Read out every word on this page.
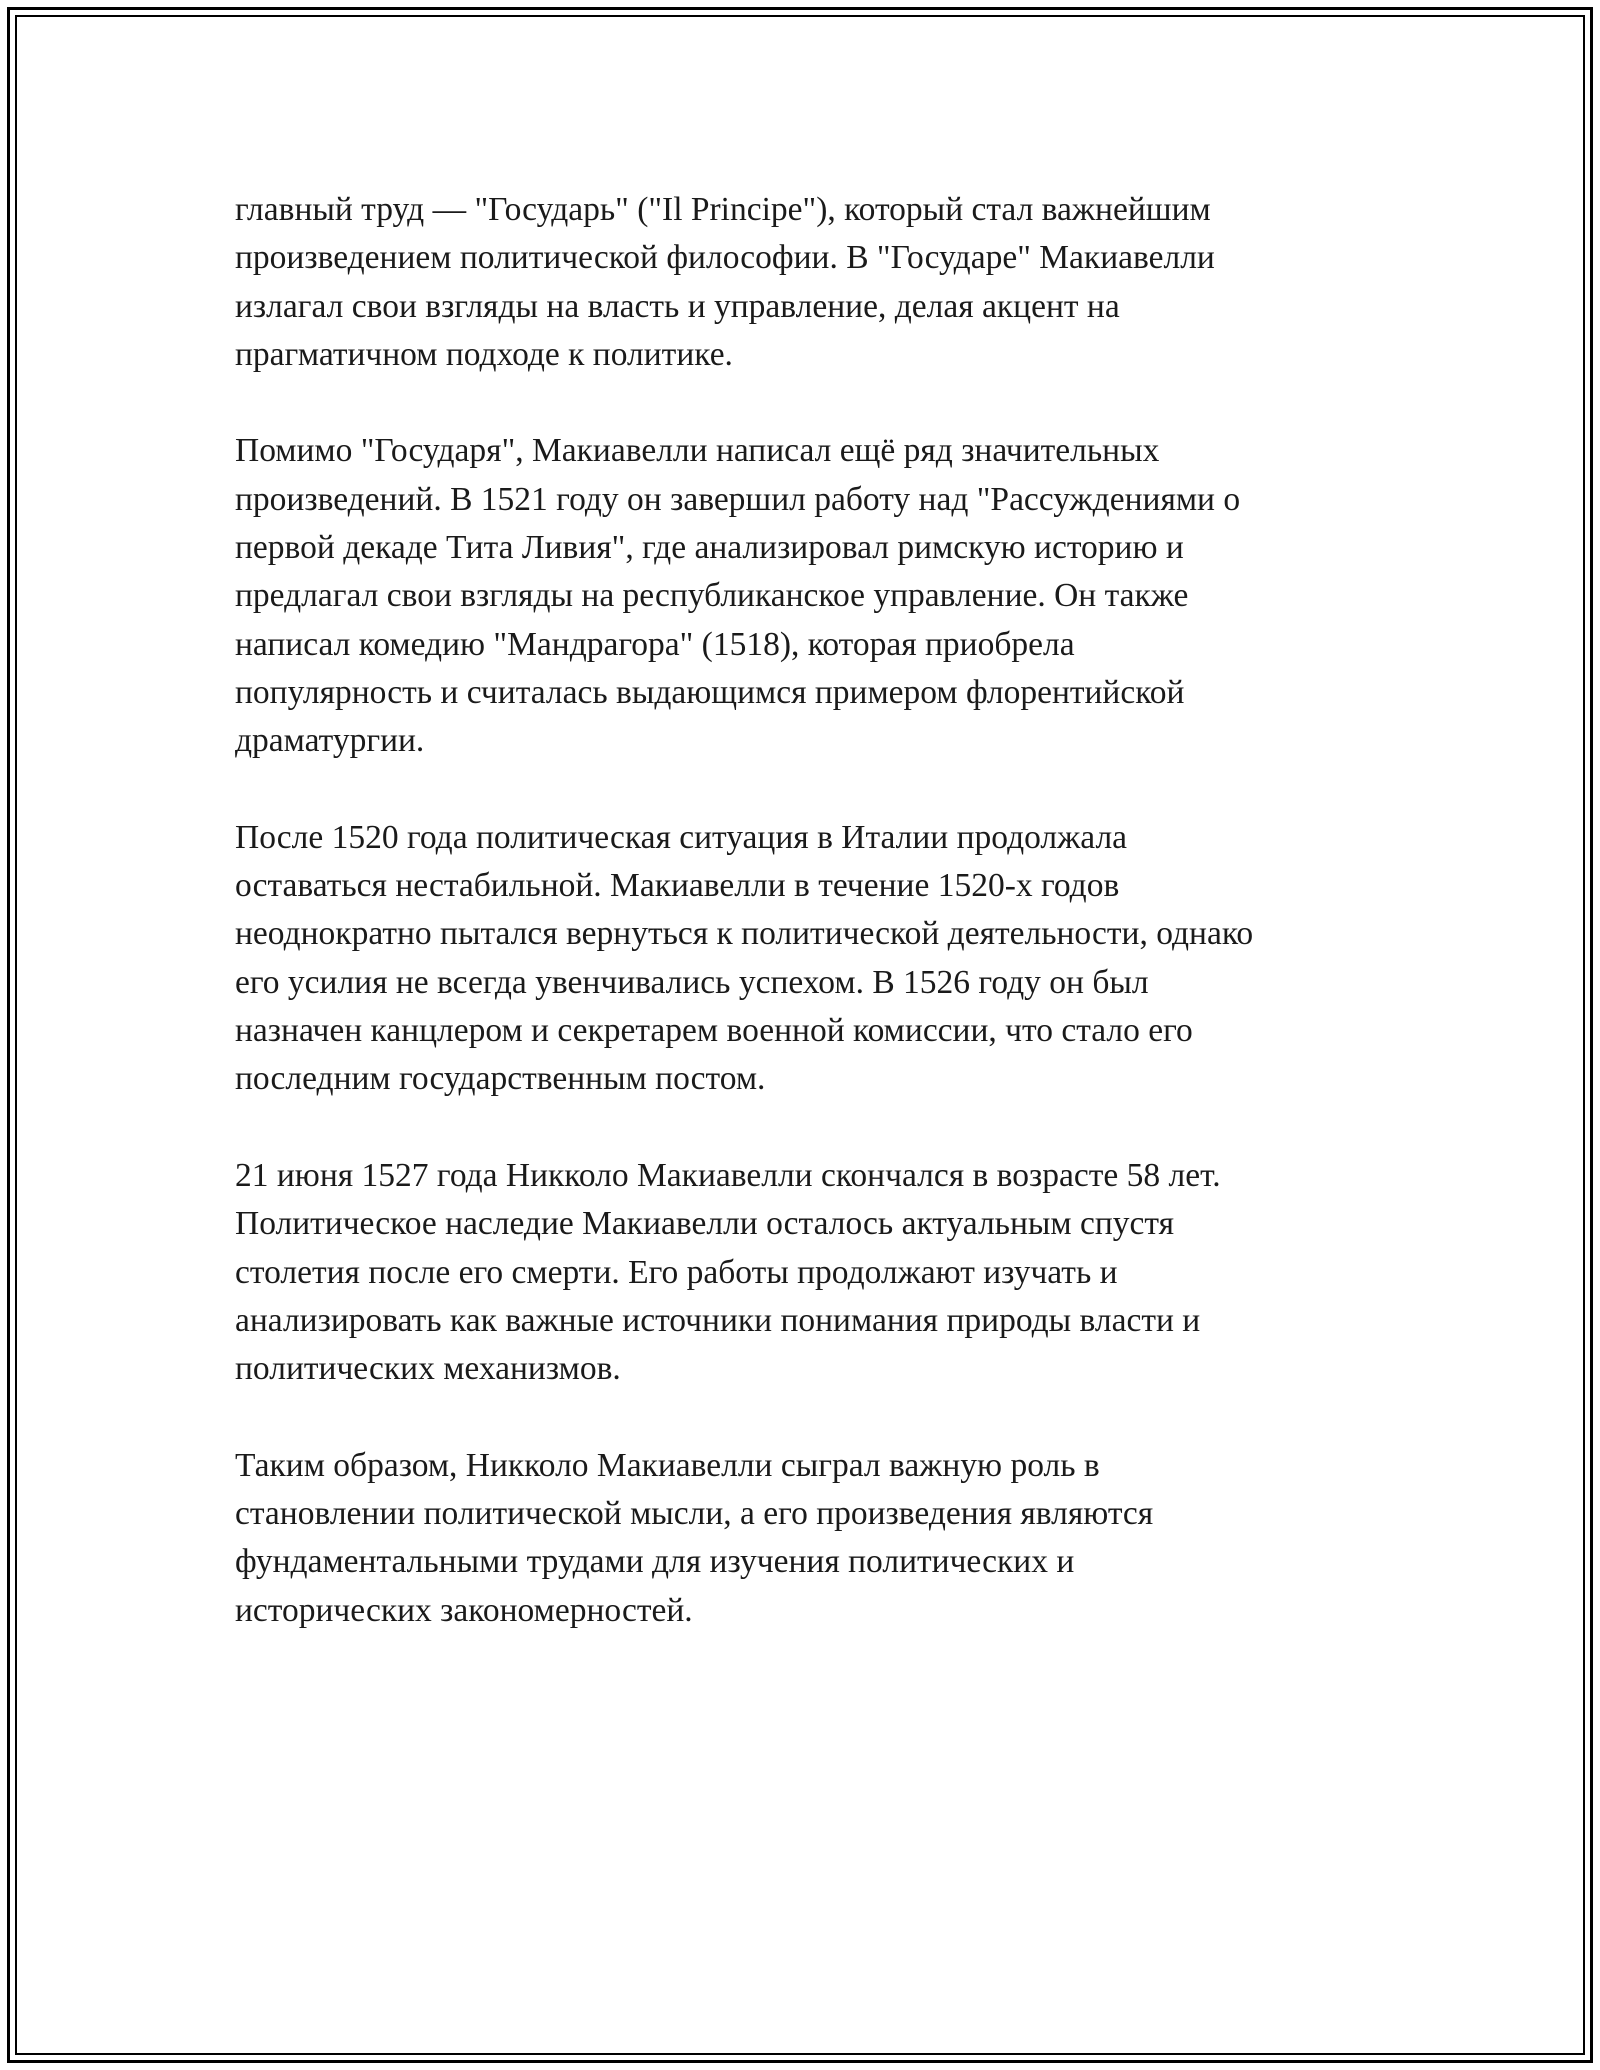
главный труд — "Государь" ("Il Principe"), который стал важнейшим
произведением политической философии. В "Государе" Макиавелли
излагал свои взгляды на власть и управление, делая акцент на
прагматичном подходе к политике.

Помимо "Государя", Макиавелли написал ещё ряд значительных
произведений. В 1521 году он завершил работу над "Рассуждениями о
первой декаде Тита Ливия", где анализировал римскую историю и
предлагал свои взгляды на республиканское управление. Он также
написал комедию "Мандрагора" (1518), которая приобрела
популярность и считалась выдающимся примером флорентийской
драматургии.

После 1520 года политическая ситуация в Италии продолжала
оставаться нестабильной. Макиавелли в течение 1520-х годов
неоднократно пытался вернуться к политической деятельности, однако
его усилия не всегда увенчивались успехом. В 1526 году он был
назначен канцлером и секретарем военной комиссии, что стало его
последним государственным постом.

21 июня 1527 года Никколо Макиавелли скончался в возрасте 58 лет.
Политическое наследие Макиавелли осталось актуальным спустя
столетия после его смерти. Его работы продолжают изучать и
анализировать как важные источники понимания природы власти и
политических механизмов.

Таким образом, Никколо Макиавелли сыграл важную роль в
становлении политической мысли, а его произведения являются
фундаментальными трудами для изучения политических и
исторических закономерностей.
